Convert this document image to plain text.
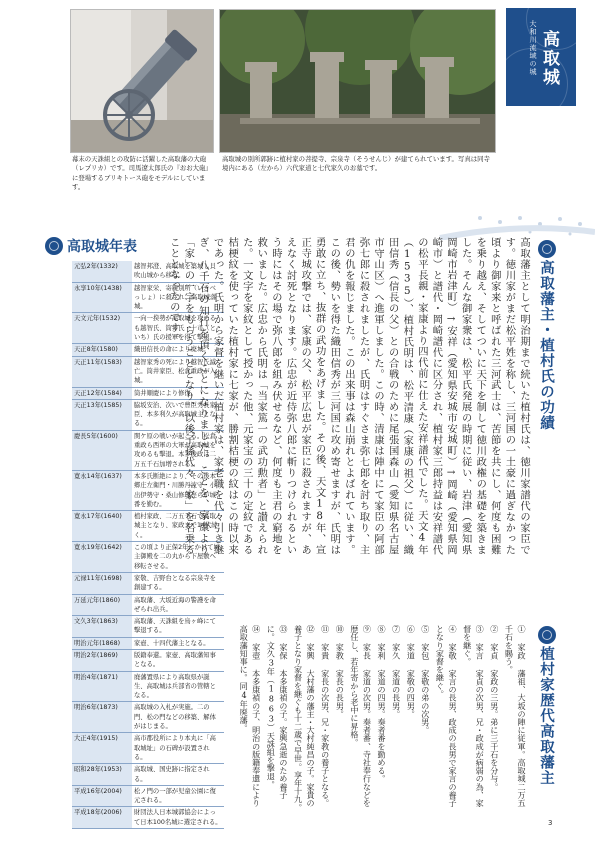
幕末の天誅組との攻防に活躍した高取藩の大砲（レプリカ）です。司馬遼太郎氏の『おお大砲』に登場するブリキトース砲をモデルにしています。
高取城の別所郭跡に植村家の菩提寺、宗泉寺（そうせんじ）が建てられています。写真は同寺境内にある（左から）六代家道と七代家久のお墓です。
大和川流域の城 高取城
高取城年表
元弘2年(1332)	越智邦澄、高取城を築城し貝吹山城から移る。
永享10年(1438)	越智家栄、寄親別所（いきべっしょ）に殺され、高取城落城。
天文元年(1532)	一向一揆勢が高取城を攻めるも越智氏、筒井氏・十市（といち）氏の援軍を得て撃退。
天正8年(1580)	織田信長の命により廃城。
天正11年(1583)	越智家秀の死により越智氏滅亡。筒井家臣、松倉重政が入城。
天正12年(1584)	筒井順慶により修復。
天正13年(1585)	脇坂安治、次いで豊臣秀長家臣、本多利久が高取城主となる。
慶長5年(1600)	関ケ原の戦いが起こる。松倉重政ら西軍の大軍が高取城を攻めるも撃退。本多俊政は二万五千石加増される。
寛永14年(1637)	本多氏断絶により、その後本郷庄左衛門・川勝丹波守・小出伊勢守・桑山修理亮らが城番を勤む。
寛永17年(1640)	植村家政、二万五千石で高取城主となり、家政まで14代続く。
寛永19年(1642)	この頃より正保2年にかけて城主御殿を二の丸から下屋敷へ移転させる。
元禄11年(1698)	家敬、吉野台となる宗泉寺を創建する。
万延元年(1860)	高取藩、大坂近海の警護を命ぜられ出兵。
文久3年(1863)	高取藩、天誅組を鳥ヶ峰にて撃退する。
明治元年(1868)	家壺、十四代藩主となる。
明治2年(1869)	版籍奉還。家壺、高取藩知事となる。
明治4年(1871)	廃藩置県により高取県が誕生、高取城は兵部省の管轄となる。
明治6年(1873)	高取城の入札が実施。二の門、松の門などの移築、解体がはじまる。
大正4年(1915)	高市郡役所により本丸に「高取城址」の石碑が設置される。
昭和28年(1953)	高取城、国史跡に指定される。
平成16年(2004)	松ノ門の一部が児童公園に復元される。
平成18年(2006)	財団法人日本城郭協会によって日本100名城に選定される。
高取藩主・植村氏の功績

高取藩主として明治期まで続いた植村氏は、徳川家譜代の家臣です。徳川家がまだ松平姓を称し、三河国の一土豪に過ぎなかった頃より御家来と呼ばれた三河武士は、苦節を共にし、何度も困難を乗り越え、そしてついに天下を制して徳川政権の基礎を築きました。そんな御家衆は、松平氏発展の時期に従い、岩津（愛知県岡崎市岩津町）→安祥（愛知県安城市安城町）→岡崎（愛知県岡崎市）と譜代・岡崎譜代に区分され、植村家三郎持益は安祥譜代の松平長親・家康より四代前に仕えた安祥譜代でした。天文4年（1535）、植村氏明は、松平清康（家康の祖父）に従い、織田信秀（信長の父）との合戦のために尾張国森山（愛知県名古屋市守山区）へ進軍しました。この時、清康は陣中にて家臣の阿部弥七郎に殺されましたが、氏明はすぐさま弥七郎を討ち取り、主君の仇を報じました。この出来事は森山崩れとよばれています。この後、勢いを得た織田信秀が三河国に攻め寄せますが、氏明は勇敢に立ち、抜群の武功をあげました。その後、天文18年、宣正寺城攻撃では、家康の父、松平広忠が家臣に殺されますが、あえなく討死となります。広忠が近侍弥八郎に斬りつけられるという時にはその場で弥八郎を組み伏せるなど、何度も主君の窮地を救いました。広忠から氏明は「当家篤一の武功勲者」と讃えられた。一文字を家紋として授かった他、元家宝の三十の定紋である桔梗紋を使っていた植村家に七家が、勝割桔梗の紋はこの時以来であった。氏明から家督を継いだ植村家は、家老職を代々引き継ぎ、八千石の知行を頂くことになりました。ことを、家康より「家」の一字をもらうこととなり、以後子孫代々「家」を名乗ることとなったのです。

植村家歴代高取藩主
① 家政 藩祖、大坂の陣に従軍。高取城二万五千石を賜う。
② 家貞 家政の三男。弟に三千石を分与。
③ 家言 家貞の次男、兄・政成が病弱の為、家督を継ぐ。
④ 家敬 家言の長男、政成の長男で家言の養子となり家督を継ぐ。
⑤ 家包 家敬の弟の次男。
⑥ 家道 家敬の四男。
⑦ 家久 家道の長男。
⑧ 家利 家道の四男。奏者番を勤める。
⑨ 家長 家道の次男。奏者番、寺社奉行などを歴任し、若年寄から老中に昇格。
⑩ 家教 家長の長男。
⑪ 家貴 家長の次男、兄・家教の養子となる。
⑫ 家興 大村藩の藩主・大村純昌の子。家貴の養子となり家督を継ぐも十二歳で早世。享年十九。
⑬ 家保 本多康禎の子。家興急逝のため養子に。文久3年（1863）天誅組を撃退。
⑭ 家壺 本多康禎の子、明治の版籍奉還により高取藩知事に。同4年廃藩。
3
